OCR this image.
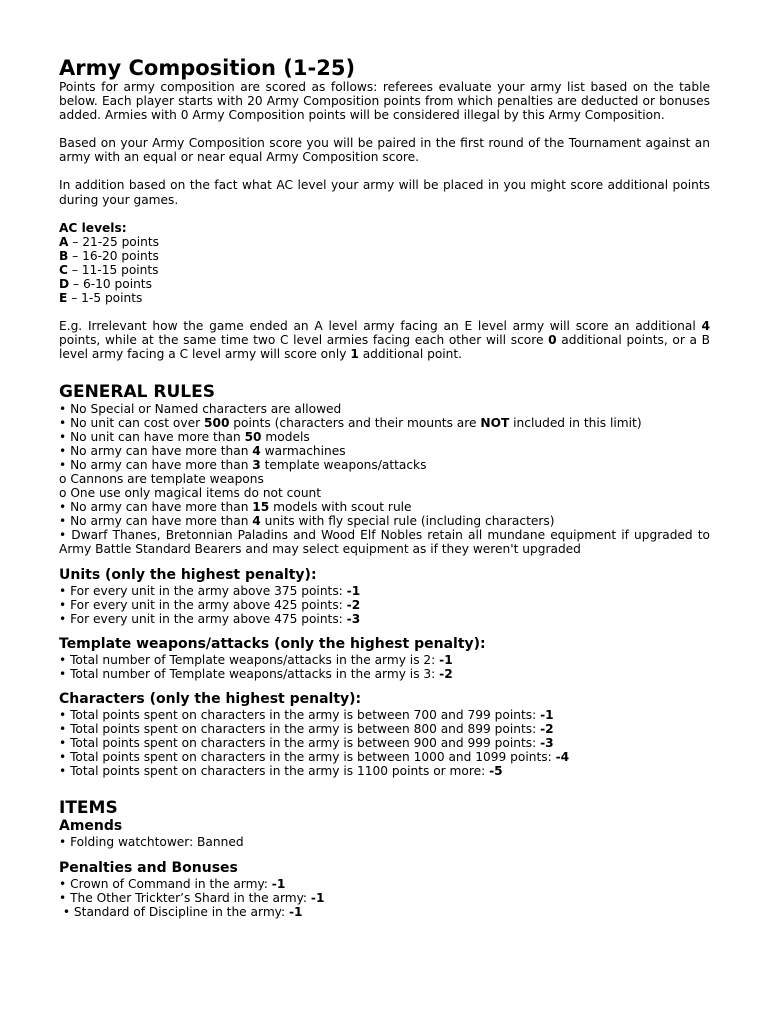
Army Composition (1-25)

Points for army composition are scored as follows: referees evaluate your army list based on the table below. Each player starts with 20 Army Composition points from which penalties are deducted or bonuses added. Armies with 0 Army Composition points will be considered illegal by this Army Composition.

Based on your Army Composition score you will be paired in the first round of the Tournament against an army with an equal or near equal Army Composition score.

In addition based on the fact what AC level your army will be placed in you might score additional points during your games.

AC levels:

A – 21-25 points

B – 16-20 points

C – 11-15 points

D – 6-10 points

E – 1-5 points

E.g. Irrelevant how the game ended an A level army facing an E level army will score an additional 4 points, while at the same time two C level armies facing each other will score 0 additional points, or a B level army facing a C level army will score only 1 additional point.

GENERAL RULES

• No Special or Named characters are allowed

• No unit can cost over 500 points (characters and their mounts are NOT included in this limit)

• No unit can have more than 50 models

• No army can have more than 4 warmachines

• No army can have more than 3 template weapons/attacks

o Cannons are template weapons

o One use only magical items do not count

• No army can have more than 15 models with scout rule

• No army can have more than 4 units with fly special rule (including characters)

• Dwarf Thanes, Bretonnian Paladins and Wood Elf Nobles retain all mundane equipment if upgraded to Army Battle Standard Bearers and may select equipment as if they weren't upgraded

Units (only the highest penalty):

• For every unit in the army above 375 points: -1

• For every unit in the army above 425 points: -2

• For every unit in the army above 475 points: -3

Template weapons/attacks (only the highest penalty):

• Total number of Template weapons/attacks in the army is 2: -1

• Total number of Template weapons/attacks in the army is 3: -2

Characters (only the highest penalty):

• Total points spent on characters in the army is between 700 and 799 points: -1

• Total points spent on characters in the army is between 800 and 899 points: -2

• Total points spent on characters in the army is between 900 and 999 points: -3

• Total points spent on characters in the army is between 1000 and 1099 points: -4

• Total points spent on characters in the army is 1100 points or more: -5

ITEMS
Amends

• Folding watchtower: Banned

Penalties and Bonuses

• Crown of Command in the army: -1

• The Other Trickter’s Shard in the army: -1

• Standard of Discipline in the army: -1
